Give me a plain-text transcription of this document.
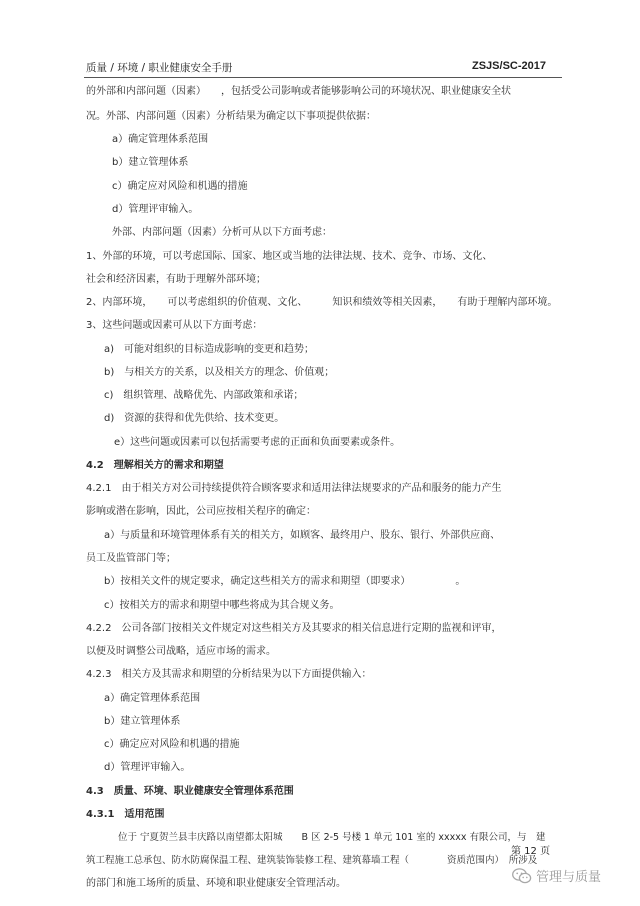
质量 / 环境 / 职业健康安全手册	ZSJS/SC-2017
的外部和内部问题（因素）　　，包括受公司影响或者能够影响公司的环境状况、职业健康安全状
况。外部、内部问题（因素）分析结果为确定以下事项提供依据：
a）确定管理体系范围
b）建立管理体系
c）确定应对风险和机遇的措施
d）管理评审输入。
外部、内部问题（因素）分析可从以下方面考虑：
1、外部的环境，可以考虑国际、国家、地区或当地的法律法规、技术、竞争、市场、文化、
社会和经济因素，有助于理解外部环境；
2、内部环境，　　可以考虑组织的价值观、文化、　　　知识和绩效等相关因素，　　有助于理解内部环境。
3、这些问题或因素可从以下方面考虑：
a)　可能对组织的目标造成影响的变更和趋势；
b)　与相关方的关系，以及相关方的理念、价值观；
c)　组织管理、战略优先、内部政策和承诺；
d)　资源的获得和优先供给、技术变更。
e）这些问题或因素可以包括需要考虑的正面和负面要素或条件。
4.2　理解相关方的需求和期望
4.2.1　由于相关方对公司持续提供符合顾客要求和适用法律法规要求的产品和服务的能力产生
影响或潜在影响，因此，公司应按相关程序的确定：
a）与质量和环境管理体系有关的相关方，如顾客、最终用户、股东、银行、外部供应商、
员工及监管部门等；
b）按相关文件的规定要求，确定这些相关方的需求和期望（即要求）　　　　　。
c）按相关方的需求和期望中哪些将成为其合规义务。
4.2.2　公司各部门按相关文件规定对这些相关方及其要求的相关信息进行定期的监视和评审，
以便及时调整公司战略，适应市场的需求。
4.2.3　相关方及其需求和期望的分析结果为以下方面提供输入：
a）确定管理体系范围
b）建立管理体系
c）确定应对风险和机遇的措施
d）管理评审输入。
4.3　质量、环境、职业健康安全管理体系范围
4.3.1　适用范围
位于 宁夏贺兰县丰庆路以南望都太阳城　　B 区 2-5 号楼 1 单元 101 室的 xxxxx 有限公司，与　建
筑工程施工总承包、防水防腐保温工程、建筑装饰装修工程、建筑幕墙工程（　　　　资质范围内）　所涉及
的部门和施工场所的质量、环境和职业健康安全管理活动。
第 12 页
管理与质量
